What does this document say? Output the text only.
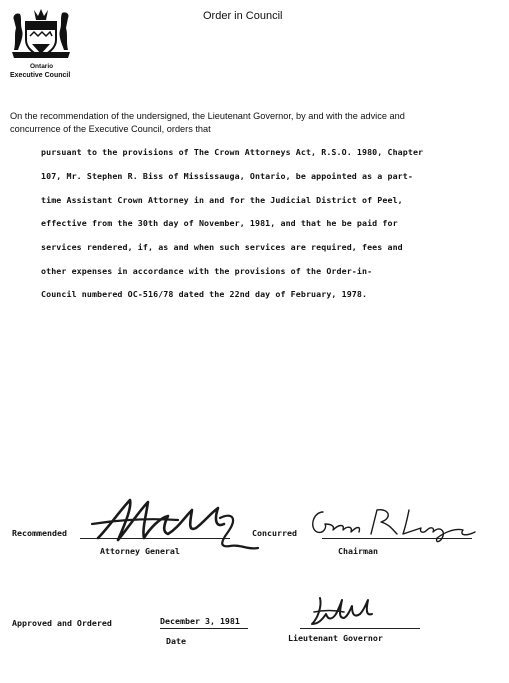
Ontario
Executive Council
Order in Council
On the recommendation of the undersigned, the Lieutenant Governor, by and with the advice and
concurrence of the Executive Council, orders that
pursuant to the provisions of The Crown Attorneys Act, R.S.O. 1980, Chapter
107, Mr. Stephen R. Biss of Mississauga, Ontario, be appointed as a part-
time Assistant Crown Attorney in and for the Judicial District of Peel,
effective from the 30th day of November, 1981, and that he be paid for
services rendered, if, as and when such services are required, fees and
other expenses in accordance with the provisions of the Order-in-
Council numbered OC-516/78 dated the 22nd day of February, 1978.
Recommended
Attorney General
Concurred
Chairman
Approved and Ordered	December 3, 1981
Date	Lieutenant Governor
